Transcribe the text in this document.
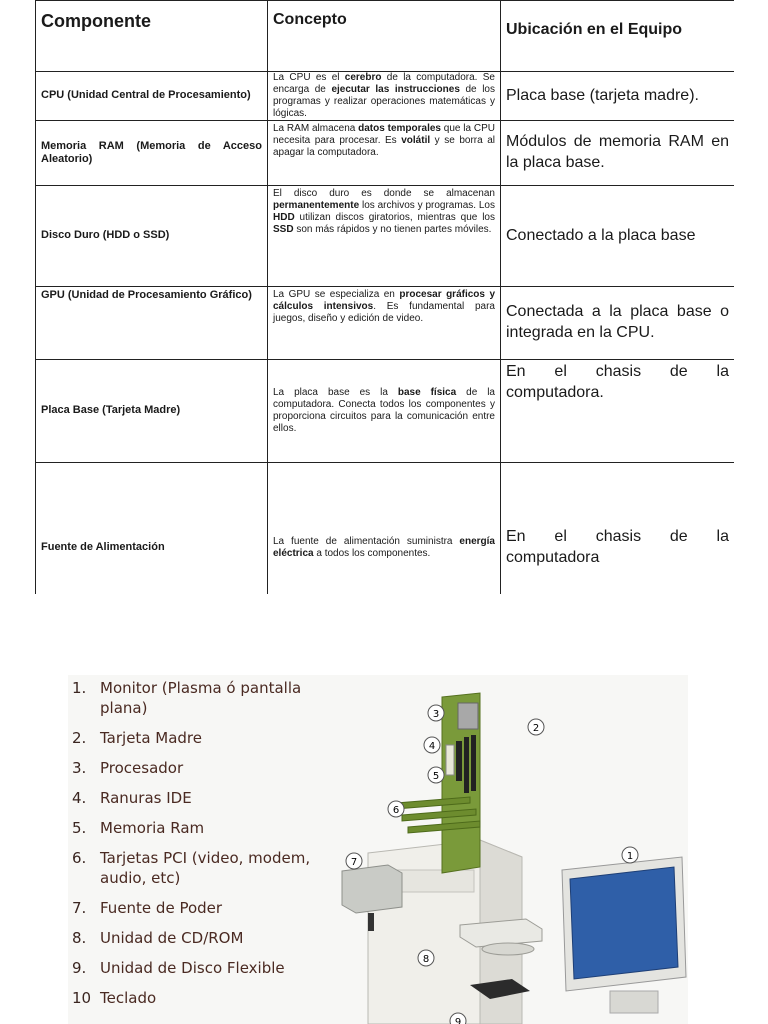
Componente	Concepto	Ubicación en el Equipo
CPU (Unidad Central de Procesamiento)	La CPU es el cerebro de la computadora. Se encarga de ejecutar las instrucciones de los programas y realizar operaciones matemáticas y lógicas.	Placa base (tarjeta madre).
Memoria RAM (Memoria de Acceso Aleatorio)	La RAM almacena datos temporales que la CPU necesita para procesar. Es volátil y se borra al apagar la computadora.	Módulos de memoria RAM en la placa base.
Disco Duro (HDD o SSD)	El disco duro es donde se almacenan permanentemente los archivos y programas. Los HDD utilizan discos giratorios, mientras que los SSD son más rápidos y no tienen partes móviles.	Conectado a la placa base
GPU (Unidad de Procesamiento Gráfico)	La GPU se especializa en procesar gráficos y cálculos intensivos. Es fundamental para juegos, diseño y edición de video.	Conectada a la placa base o integrada en la CPU.
Placa Base (Tarjeta Madre)	La placa base es la base física de la computadora. Conecta todos los componentes y proporciona circuitos para la comunicación entre ellos.	En el chasis de la computadora.
Fuente de Alimentación	La fuente de alimentación suministra energía eléctrica a todos los componentes.	En el chasis de la computadora
1. Monitor (Plasma ó pantalla plana)
2. Tarjeta Madre
3. Procesador
4. Ranuras IDE
5. Memoria Ram
6. Tarjetas PCI (video, modem, audio, etc)
7. Fuente de Poder
8. Unidad de CD/ROM
9. Unidad de Disco Flexible
10 Teclado
1
2
3
4
5
6
7
8
9
